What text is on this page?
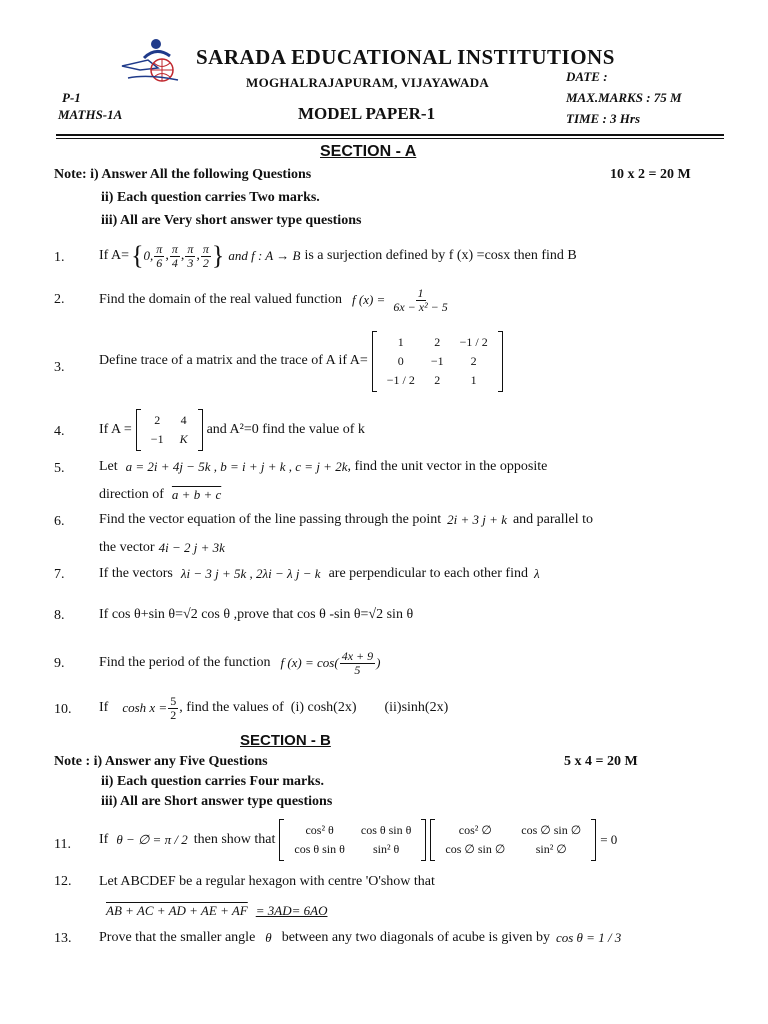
SARADA EDUCATIONAL INSTITUTIONS
MOGHALRAJAPURAM, VIJAYAWADA	DATE :
P-1	MAX.MARKS : 75 M
MATHS-1A	MODEL PAPER-1	TIME : 3 Hrs
SECTION - A
Note: i) Answer All the following Questions	10 x 2 = 20 M
ii) Each question carries Two marks.
iii) All are Very short answer type questions
1. If A= { 0, $\frac{\pi}{6}$ , $\frac{\pi}{4}$ , $\frac{\pi}{3}$ , $\frac{\pi}{2}$ } and f : A → B is a surjection defined by f (x) =cosx then find B
2. Find the domain of the real valued function f $(x) = \frac{1}{\text{6x − x² − 5}}$
3. Define trace of a matrix and the trace of A if A=
1	2	−1 / 2
0	−1	2
−1 / 2	2	1
4. If A =
2	4
−1	K
and A²=0 find the value of k
5. Let a = 2i + 4j − 5k , b = i + j + k , c = j + 2k , find the unit vector in the opposite
direction of a + b + c
6. Find the vector equation of the line passing through the point 2i + 3 j + k and parallel to
the vector 4i − 2 j + 3k
7. If the vectors λi − 3 j + 5k , 2λi − λ j − k are perpendicular to each other find λ
8. If cos θ+sin θ=√2 cos θ ,prove that cos θ -sin θ=√2 sin θ
9. Find the period of the function f $(x) = \cos( \frac{4x + 9}{5}$ )
10. If $\cosh x = \frac{5}{2}$ , find the values of  (i) cosh(2x)        (ii)sinh(2x)
SECTION - B
Note : i) Answer any Five Questions	5 x 4 = 20 M
ii) Each question carries Four marks.
iii) All are Short answer type questions
11. If θ − ∅ = π / 2 then show that
cos² θ	cos θ sin θ
cos θ sin θ	sin² θ
cos² ∅	cos ∅ sin ∅
cos ∅ sin ∅	sin² ∅
= 0
12. Let ABCDEF be a regular hexagon with centre 'O'show that
AB + AC + AD + AE + AF = 3AD= 6AO
13. Prove that the smaller angle θ between any two diagonals of acube is given by cos θ = 1 / 3
